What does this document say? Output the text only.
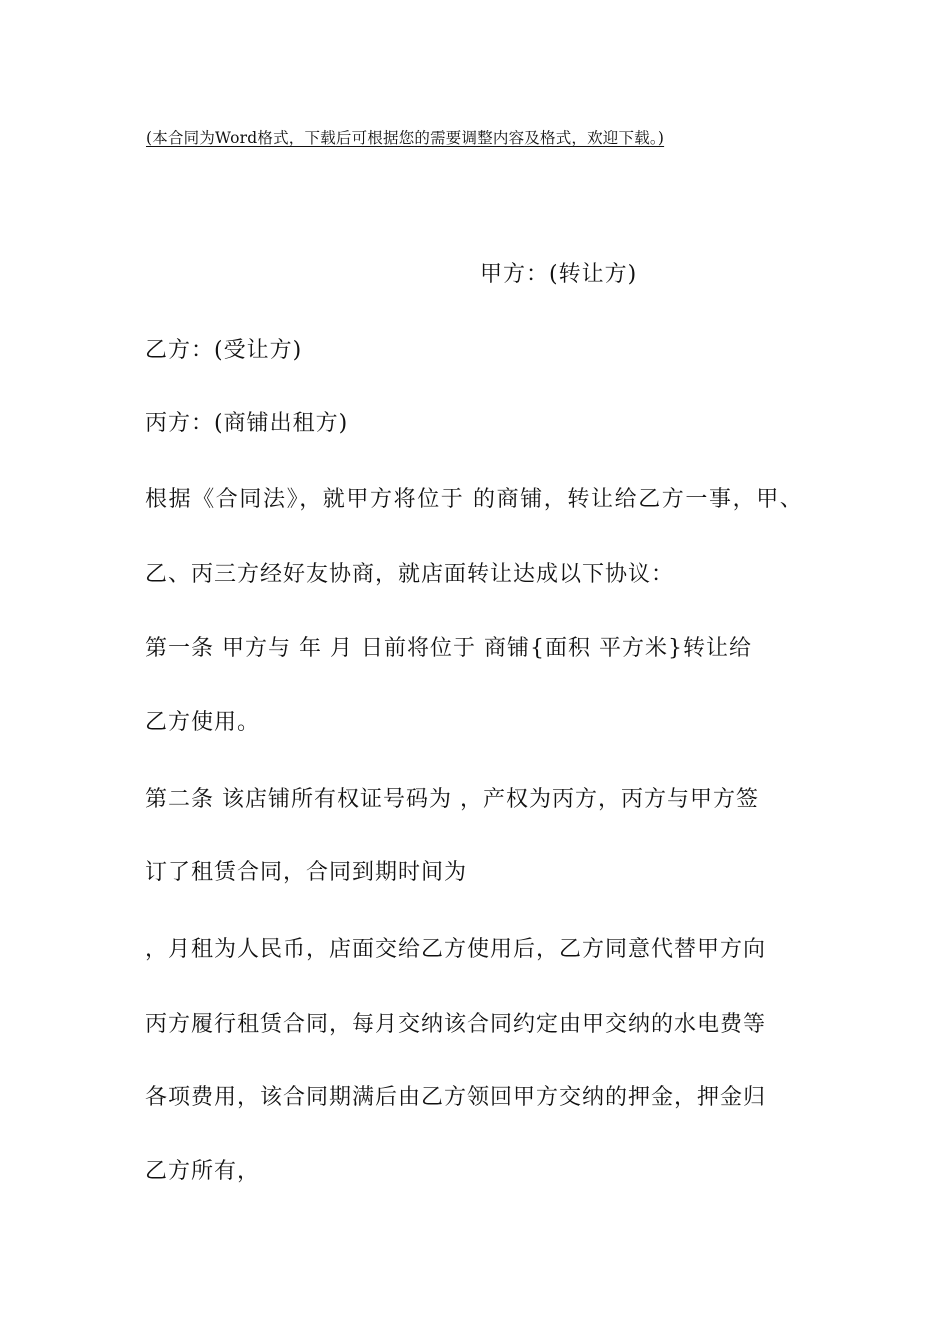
(本合同为Word格式，下载后可根据您的需要调整内容及格式，欢迎下载。)
甲方：(转让方)
乙方：(受让方)
丙方：(商铺出租方)
根据《合同法》，就甲方将位于 的商铺，转让给乙方一事，甲、
乙、丙三方经好友协商，就店面转让达成以下协议：
第一条 甲方与 年 月 日前将位于 商铺{面积 平方米}转让给
乙方使用。
第二条 该店铺所有权证号码为 ，产权为丙方，丙方与甲方签
订了租赁合同，合同到期时间为
，月租为人民币，店面交给乙方使用后，乙方同意代替甲方向
丙方履行租赁合同，每月交纳该合同约定由甲交纳的水电费等
各项费用，该合同期满后由乙方领回甲方交纳的押金，押金归
乙方所有，
